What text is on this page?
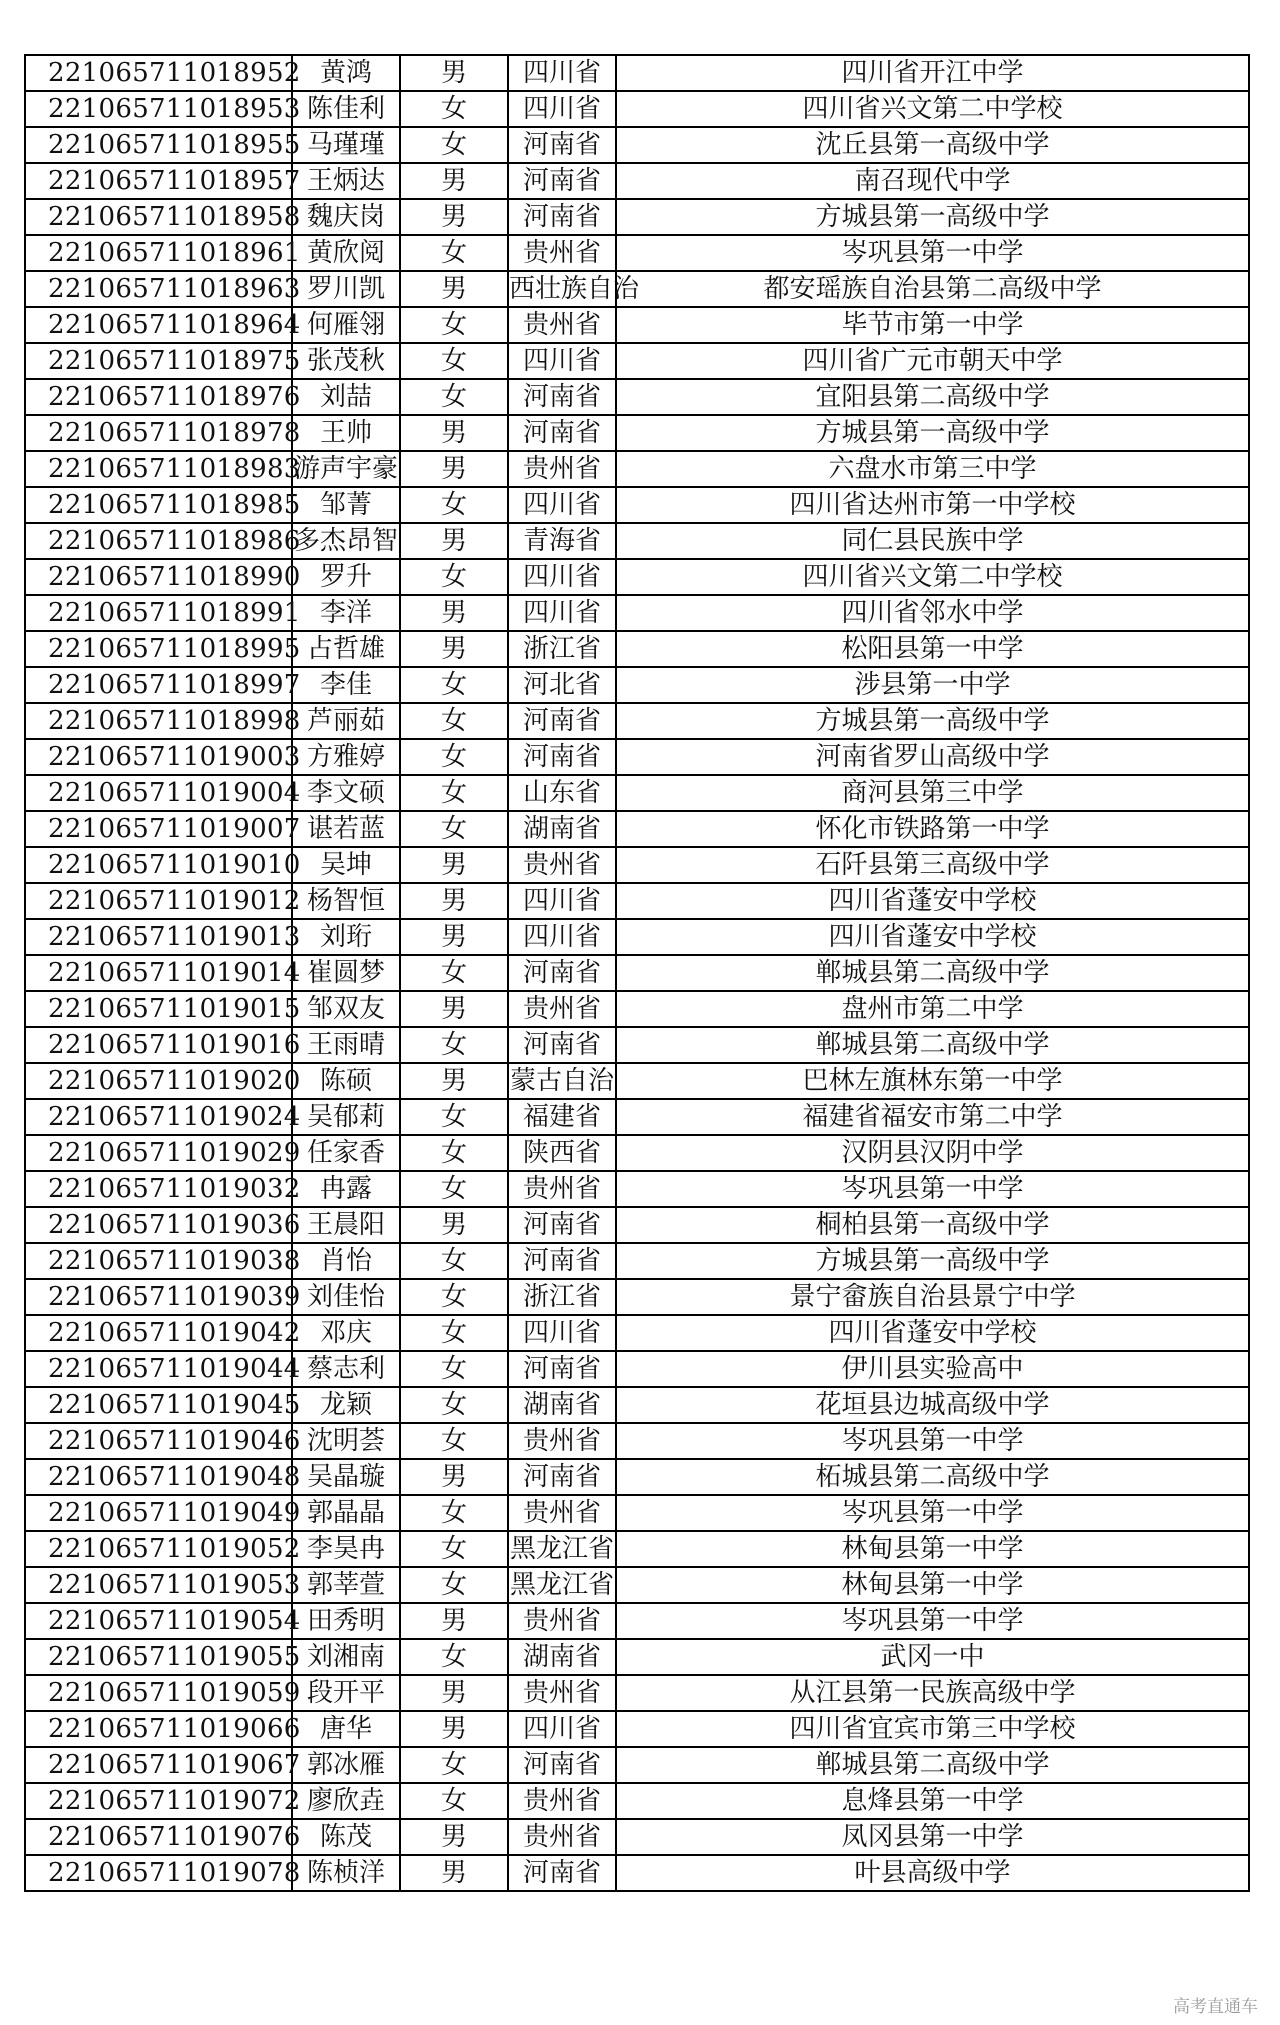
221065711018952	黄鸿	男	四川省	四川省开江中学
221065711018953	陈佳利	女	四川省	四川省兴文第二中学校
221065711018955	马瑾瑾	女	河南省	沈丘县第一高级中学
221065711018957	王炳达	男	河南省	南召现代中学
221065711018958	魏庆岗	男	河南省	方城县第一高级中学
221065711018961	黄欣阅	女	贵州省	岑巩县第一中学
221065711018963	罗川凯	男	西壮族自治	都安瑶族自治县第二高级中学
221065711018964	何雁翎	女	贵州省	毕节市第一中学
221065711018975	张茂秋	女	四川省	四川省广元市朝天中学
221065711018976	刘喆	女	河南省	宜阳县第二高级中学
221065711018978	王帅	男	河南省	方城县第一高级中学
221065711018983	游声宇豪	男	贵州省	六盘水市第三中学
221065711018985	邹菁	女	四川省	四川省达州市第一中学校
221065711018986	多杰昂智	男	青海省	同仁县民族中学
221065711018990	罗升	女	四川省	四川省兴文第二中学校
221065711018991	李洋	男	四川省	四川省邻水中学
221065711018995	占哲雄	男	浙江省	松阳县第一中学
221065711018997	李佳	女	河北省	涉县第一中学
221065711018998	芦丽茹	女	河南省	方城县第一高级中学
221065711019003	方雅婷	女	河南省	河南省罗山高级中学
221065711019004	李文硕	女	山东省	商河县第三中学
221065711019007	谌若蓝	女	湖南省	怀化市铁路第一中学
221065711019010	吴坤	男	贵州省	石阡县第三高级中学
221065711019012	杨智恒	男	四川省	四川省蓬安中学校
221065711019013	刘珩	男	四川省	四川省蓬安中学校
221065711019014	崔圆梦	女	河南省	郸城县第二高级中学
221065711019015	邹双友	男	贵州省	盘州市第二中学
221065711019016	王雨晴	女	河南省	郸城县第二高级中学
221065711019020	陈硕	男	蒙古自治	巴林左旗林东第一中学
221065711019024	吴郁莉	女	福建省	福建省福安市第二中学
221065711019029	任家香	女	陕西省	汉阴县汉阴中学
221065711019032	冉露	女	贵州省	岑巩县第一中学
221065711019036	王晨阳	男	河南省	桐柏县第一高级中学
221065711019038	肖怡	女	河南省	方城县第一高级中学
221065711019039	刘佳怡	女	浙江省	景宁畲族自治县景宁中学
221065711019042	邓庆	女	四川省	四川省蓬安中学校
221065711019044	蔡志利	女	河南省	伊川县实验高中
221065711019045	龙颖	女	湖南省	花垣县边城高级中学
221065711019046	沈明荟	女	贵州省	岑巩县第一中学
221065711019048	吴晶璇	男	河南省	柘城县第二高级中学
221065711019049	郭晶晶	女	贵州省	岑巩县第一中学
221065711019052	李昊冉	女	黑龙江省	林甸县第一中学
221065711019053	郭莘萱	女	黑龙江省	林甸县第一中学
221065711019054	田秀明	男	贵州省	岑巩县第一中学
221065711019055	刘湘南	女	湖南省	武冈一中
221065711019059	段开平	男	贵州省	从江县第一民族高级中学
221065711019066	唐华	男	四川省	四川省宜宾市第三中学校
221065711019067	郭冰雁	女	河南省	郸城县第二高级中学
221065711019072	廖欣垚	女	贵州省	息烽县第一中学
221065711019076	陈茂	男	贵州省	凤冈县第一中学
221065711019078	陈桢洋	男	河南省	叶县高级中学
高考直通车
